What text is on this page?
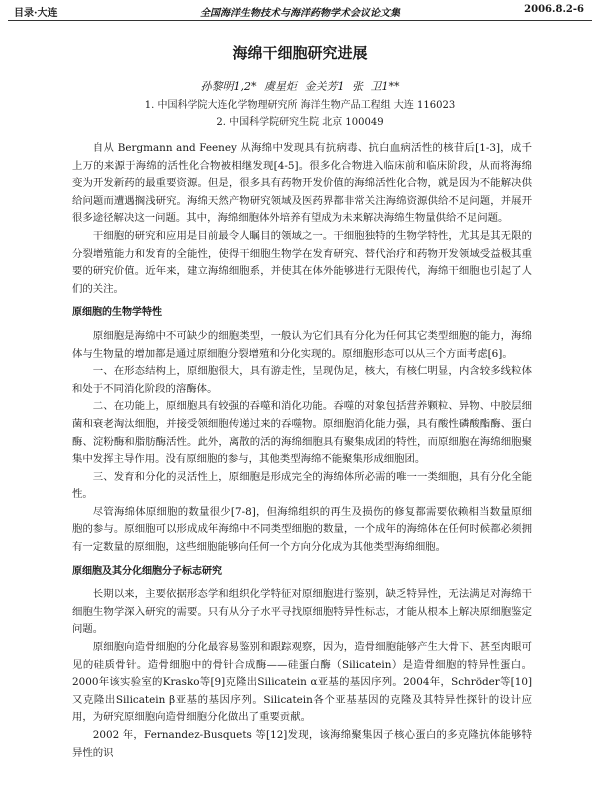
目录·大连	全国海洋生物技术与海洋药物学术会议论文集	2006.8.2-6
海绵干细胞研究进展
孙黎明1,2* 虞星炬 金关芳1 张 卫1**
1. 中国科学院大连化学物理研究所 海洋生物产品工程组 大连 116023
2. 中国科学院研究生院 北京 100049

自从 Bergmann and Feeney 从海绵中发现具有抗病毒、抗白血病活性的核苷后[1-3]，成千上万的来源于海绵的活性化合物被相继发现[4-5]。很多化合物进入临床前和临床阶段，从而将海绵变为开发新药的最重要资源。但是，很多具有药物开发价值的海绵活性化合物，就是因为不能解决供给问题而遭遇搁浅研究。海绵天然产物研究领域及医药界都非常关注海绵资源供给不足问题，并展开很多途径解决这一问题。其中，海绵细胞体外培养有望成为未来解决海绵生物量供给不足问题。

干细胞的研究和应用是目前最令人瞩目的领域之一。干细胞独特的生物学特性，尤其是其无限的分裂增殖能力和发育的全能性，使得干细胞生物学在发育研究、替代治疗和药物开发领域受益极其重要的研究价值。近年来，建立海绵细胞系，并使其在体外能够进行无限传代，海绵干细胞也引起了人们的关注。

原细胞的生物学特性

原细胞是海绵中不可缺少的细胞类型，一般认为它们具有分化为任何其它类型细胞的能力，海绵体与生物量的增加都是通过原细胞分裂增殖和分化实现的。原细胞形态可以从三个方面考虑[6]。

一、在形态结构上，原细胞很大，具有游走性，呈现伪足，核大，有核仁明显，内含较多线粒体和处于不同消化阶段的溶酶体。

二、在功能上，原细胞具有较强的吞噬和消化功能。吞噬的对象包括营养颗粒、异物、中胶层细菌和衰老淘汰细胞，并接受领细胞传递过来的吞噬物。原细胞消化能力强，具有酸性磷酸酯酶、蛋白酶、淀粉酶和脂肪酶活性。此外，离散的活的海绵细胞具有聚集成团的特性，而原细胞在海绵细胞聚集中发挥主导作用。没有原细胞的参与，其他类型海绵不能聚集形成细胞团。

三、发育和分化的灵活性上，原细胞是形成完全的海绵体所必需的唯一一类细胞，具有分化全能性。

尽管海绵体原细胞的数量很少[7-8]，但海绵组织的再生及损伤的修复都需要依赖相当数量原细胞的参与。原细胞可以形成成年海绵中不同类型细胞的数量，一个成年的海绵体在任何时候都必须拥有一定数量的原细胞，这些细胞能够向任何一个方向分化成为其他类型海绵细胞。

原细胞及其分化细胞分子标志研究

长期以来，主要依据形态学和组织化学特征对原细胞进行鉴别，缺乏特异性，无法满足对海绵干细胞生物学深入研究的需要。只有从分子水平寻找原细胞特异性标志，才能从根本上解决原细胞鉴定问题。

原细胞向造骨细胞的分化最容易鉴别和跟踪观察，因为，造骨细胞能够产生大骨下、甚至肉眼可见的硅质骨针。造骨细胞中的骨针合成酶——硅蛋白酶（Silicatein）是造骨细胞的特异性蛋白。2000年该实验室的Krasko等[9]克隆出Silicatein α亚基的基因序列。2004年，Schröder等[10]又克隆出Silicatein β亚基的基因序列。Silicatein各个亚基基因的克隆及其特异性探针的设计应用，为研究原细胞向造骨细胞分化做出了重要贡献。

2002 年，Fernandez-Busquets 等[12]发现，该海绵聚集因子核心蛋白的多克隆抗体能够特异性的识
